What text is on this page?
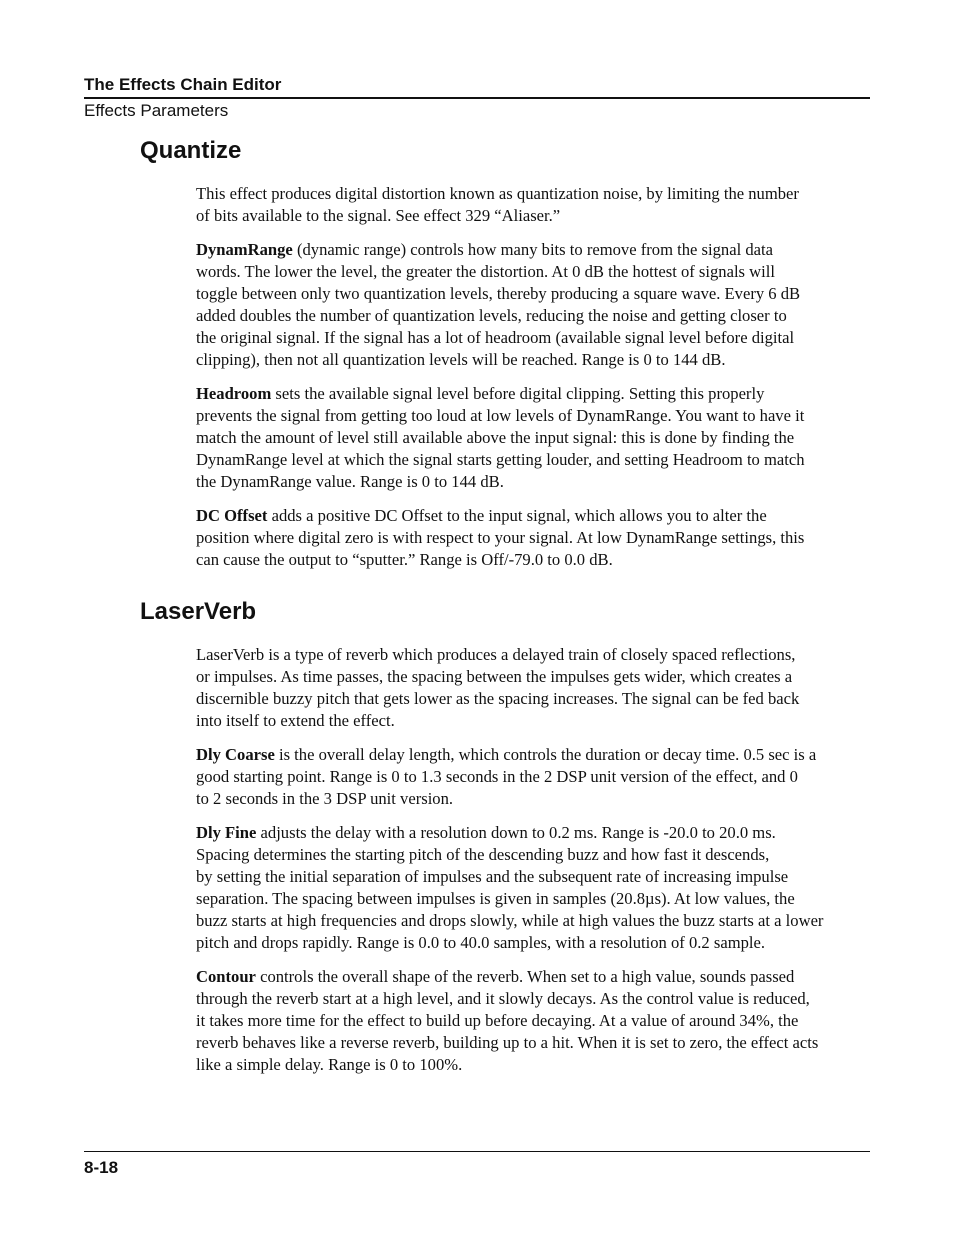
The Effects Chain Editor
Effects Parameters
Quantize

This effect produces digital distortion known as quantization noise, by limiting the number
of bits available to the signal. See effect 329 “Aliaser.”

DynamRange (dynamic range) controls how many bits to remove from the signal data
words. The lower the level, the greater the distortion. At 0 dB the hottest of signals will
toggle between only two quantization levels, thereby producing a square wave. Every 6 dB
added doubles the number of quantization levels, reducing the noise and getting closer to
the original signal. If the signal has a lot of headroom (available signal level before digital
clipping), then not all quantization levels will be reached. Range is 0 to 144 dB.

Headroom sets the available signal level before digital clipping. Setting this properly
prevents the signal from getting too loud at low levels of DynamRange. You want to have it
match the amount of level still available above the input signal: this is done by finding the
DynamRange level at which the signal starts getting louder, and setting Headroom to match
the DynamRange value. Range is 0 to 144 dB.

DC Offset adds a positive DC Offset to the input signal, which allows you to alter the
position where digital zero is with respect to your signal. At low DynamRange settings, this
can cause the output to “sputter.” Range is Off/-79.0 to 0.0 dB.

LaserVerb

LaserVerb is a type of reverb which produces a delayed train of closely spaced reflections,
or impulses. As time passes, the spacing between the impulses gets wider, which creates a
discernible buzzy pitch that gets lower as the spacing increases. The signal can be fed back
into itself to extend the effect.

Dly Coarse is the overall delay length, which controls the duration or decay time. 0.5 sec is a
good starting point. Range is 0 to 1.3 seconds in the 2 DSP unit version of the effect, and 0
to 2 seconds in the 3 DSP unit version.

Dly Fine adjusts the delay with a resolution down to 0.2 ms. Range is -20.0 to 20.0 ms.
Spacing determines the starting pitch of the descending buzz and how fast it descends,
by setting the initial separation of impulses and the subsequent rate of increasing impulse
separation. The spacing between impulses is given in samples (20.8µs). At low values, the
buzz starts at high frequencies and drops slowly, while at high values the buzz starts at a lower
pitch and drops rapidly. Range is 0.0 to 40.0 samples, with a resolution of 0.2 sample.

Contour controls the overall shape of the reverb. When set to a high value, sounds passed
through the reverb start at a high level, and it slowly decays. As the control value is reduced,
it takes more time for the effect to build up before decaying. At a value of around 34%, the
reverb behaves like a reverse reverb, building up to a hit. When it is set to zero, the effect acts
like a simple delay. Range is 0 to 100%.

8-18
